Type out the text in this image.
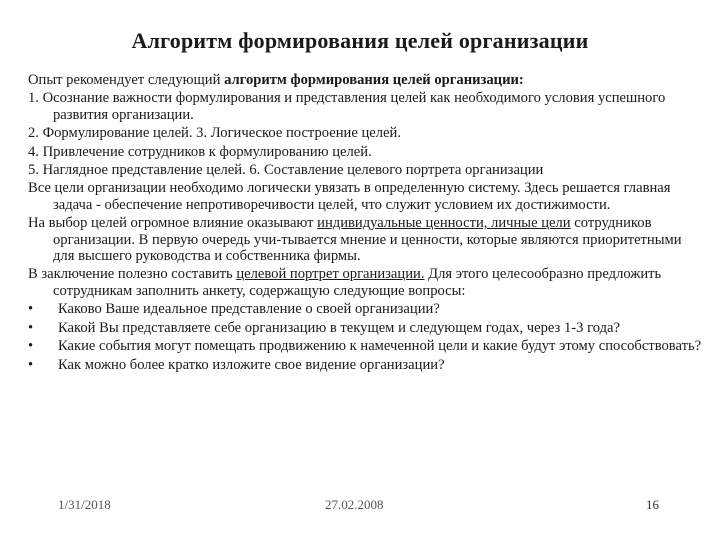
Алгоритм формирования целей организации
Опыт рекомендует следующий алгоритм формирования целей организации:
1. Осознание важности формулирования и представления целей как необходимого условия успешного развития организации.
2. Формулирование целей. 3. Логическое построение целей.
4. Привлечение сотрудников к формулированию целей.
5. Наглядное представление целей. 6. Составление целевого портрета организации
Все цели организации необходимо логически увязать в определенную систему. Здесь решается главная задача - обеспечение непротиворечивости целей, что служит условием их достижимости.
На выбор целей огромное влияние оказывают индивидуальные ценности, личные цели сотрудников организации. В первую очередь учи-тывается мнение и ценности, которые являются приоритетными для высшего руководства и собственника фирмы.
В заключение полезно составить целевой портрет организации. Для этого целесообразно предложить сотрудникам заполнить анкету, содержащую следующие вопросы:
• Каково Ваше идеальное представление о своей организации?
• Какой Вы представляете себе организацию в текущем и следующем годах, через 1-3 года?
• Какие события могут помещать продвижению к намеченной цели и какие будут этому способствовать?
• Как можно более кратко изложите свое видение организации?
1/31/2018	27.02.2008	16
